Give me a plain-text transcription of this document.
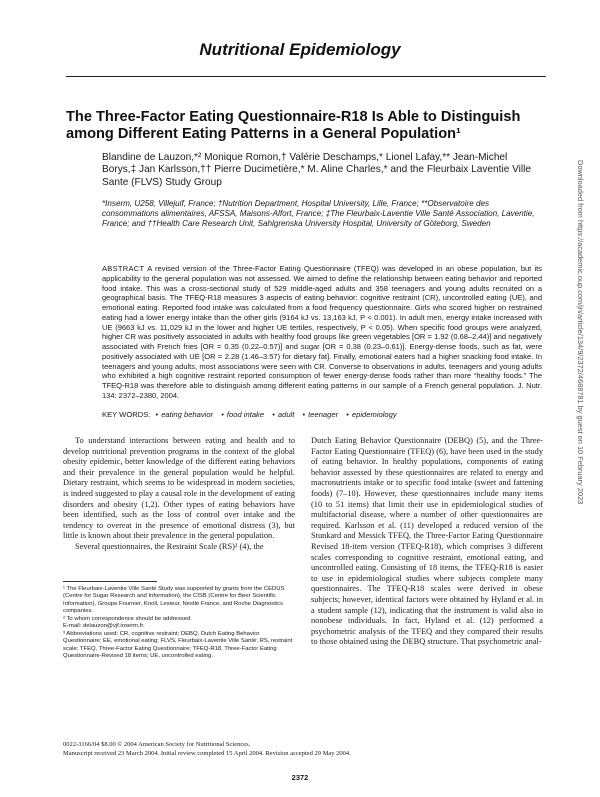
Nutritional Epidemiology
The Three-Factor Eating Questionnaire-R18 Is Able to Distinguish among Different Eating Patterns in a General Population¹
Blandine de Lauzon,*² Monique Romon,† Valérie Deschamps,* Lionel Lafay,** Jean-Michel Borys,‡ Jan Karlsson,†† Pierre Ducimetière,* M. Aline Charles,* and the Fleurbaix Laventie Ville Sante (FLVS) Study Group
*Inserm, U258, Villejuif, France; †Nutrition Department, Hospital University, Lille, France; **Observatoire des consommations alimentaires, AFSSA, Maisons-Alfort, France; ‡The Fleurbaix-Laventie Ville Santé Association, Laventie, France; and ††Health Care Research Unit, Sahlgrenska University Hospital, University of Göteborg, Sweden
ABSTRACT A revised version of the Three-Factor Eating Questionnaire (TFEQ) was developed in an obese population, but its applicability to the general population was not assessed. We aimed to define the relationship between eating behavior and reported food intake. This was a cross-sectional study of 529 middle-aged adults and 358 teenagers and young adults recruited on a geographical basis. The TFEQ-R18 measures 3 aspects of eating behavior: cognitive restraint (CR), uncontrolled eating (UE), and emotional eating. Reported food intake was calculated from a food frequency questionnaire. Girls who scored higher on restrained eating had a lower energy intake than the other girls (9164 kJ vs. 13,163 kJ, P < 0.001). In adult men, energy intake increased with UE (9663 kJ vs. 11,029 kJ in the lower and higher UE tertiles, respectively, P < 0.05). When specific food groups were analyzed, higher CR was positively associated in adults with healthy food groups like green vegetables [OR = 1.92 (0.68–2.44)] and negatively associated with French fries [OR = 0.35 (0.22–0.57)] and sugar [OR = 0.38 (0.23–0.61)]. Energy-dense foods, such as fat, were positively associated with UE [OR = 2.28 (1.46–3.57) for dietary fat]. Finally, emotional eaters had a higher snacking food intake. In teenagers and young adults, most associations were seen with CR. Converse to observations in adults, teenagers and young adults who exhibited a high cognitive restraint reported consumption of fewer energy-dense foods rather than more “healthy foods.” The TFEQ-R18 was therefore able to distinguish among different eating patterns in our sample of a French general population. J. Nutr. 134: 2372–2380, 2004.
KEY WORDS: • eating behavior • food intake • adult • teenager • epidemiology

To understand interactions between eating and health and to develop nutritional prevention programs in the context of the global obesity epidemic, better knowledge of the different eating behaviors and their prevalence in the general population would be helpful. Dietary restraint, which seems to be widespread in modern societies, is indeed suggested to play a causal role in the development of eating disorders and obesity (1,2). Other types of eating behaviors have been identified, such as the loss of control over intake and the tendency to overeat in the presence of emotional distress (3), but little is known about their prevalence in the general population.

Several questionnaires, the Restraint Scale (RS)³ (4), the

Dutch Eating Behavior Questionnaire (DEBQ) (5), and the Three-Factor Eating Questionnaire (TFEQ) (6), have been used in the study of eating behavior. In healthy populations, components of eating behavior assessed by these questionnaires are related to energy and macronutrients intake or to specific food intake (sweet and fattening foods) (7–10). However, these questionnaires include many items (10 to 51 items) that limit their use in epidemiological studies of multifactorial disease, where a number of other questionnaires are required. Karlsson et al. (11) developed a reduced version of the Stunkard and Messick TFEQ, the Three-Factor Eating Questionnaire Revised 18-item version (TFEQ-R18), which comprises 3 different scales corresponding to cognitive restraint, emotional eating, and uncontrolled eating. Consisting of 18 items, the TFEQ-R18 is easier to use in epidemiological studies where subjects complete many questionnaires. The TFEQ-R18 scales were derived in obese subjects; however, identical factors were obtained by Hyland et al. in a student sample (12), indicating that the instrument is valid also in nonobese individuals. In fact, Hyland et al. (12) performed a psychometric analysis of the TFEQ and they compared their results to those obtained using the DEBQ structure. That psychometric anal-

¹ The Fleurbaix-Laventie Ville Santé Study was supported by grants from the CEDUS (Centre for Sugar Research and Information), the CISB (Centre for Beer Scientific Information), Groupe Fournier, Knoll, Lesieur, Nestlé France, and Roche Diagnostics companies.

² To whom correspondence should be addressed.

E-mail: delauzon@vjf.inserm.fr.

³ Abbreviations used: CR, cognitive restraint; DEBQ, Dutch Eating Behavior Questionnaire; EE, emotional eating; FLVS, Fleurbaix-Laventie Ville Santé; RS, restraint scale; TFEQ, Three-Factor Eating Questionnaire; TFEQ-R18, Three-Factor Eating Questionnaire-Revised 18 items; UE, uncontrolled eating.

0022-3166/04 $8.00 © 2004 American Society for Nutritional Sciences.
Manuscript received 23 March 2004. Initial review completed 15 April 2004. Revision accepted 29 May 2004.
2372
Downloaded from https://academic.oup.com/jn/article/134/9/2372/4688781 by guest on 10 February 2023
